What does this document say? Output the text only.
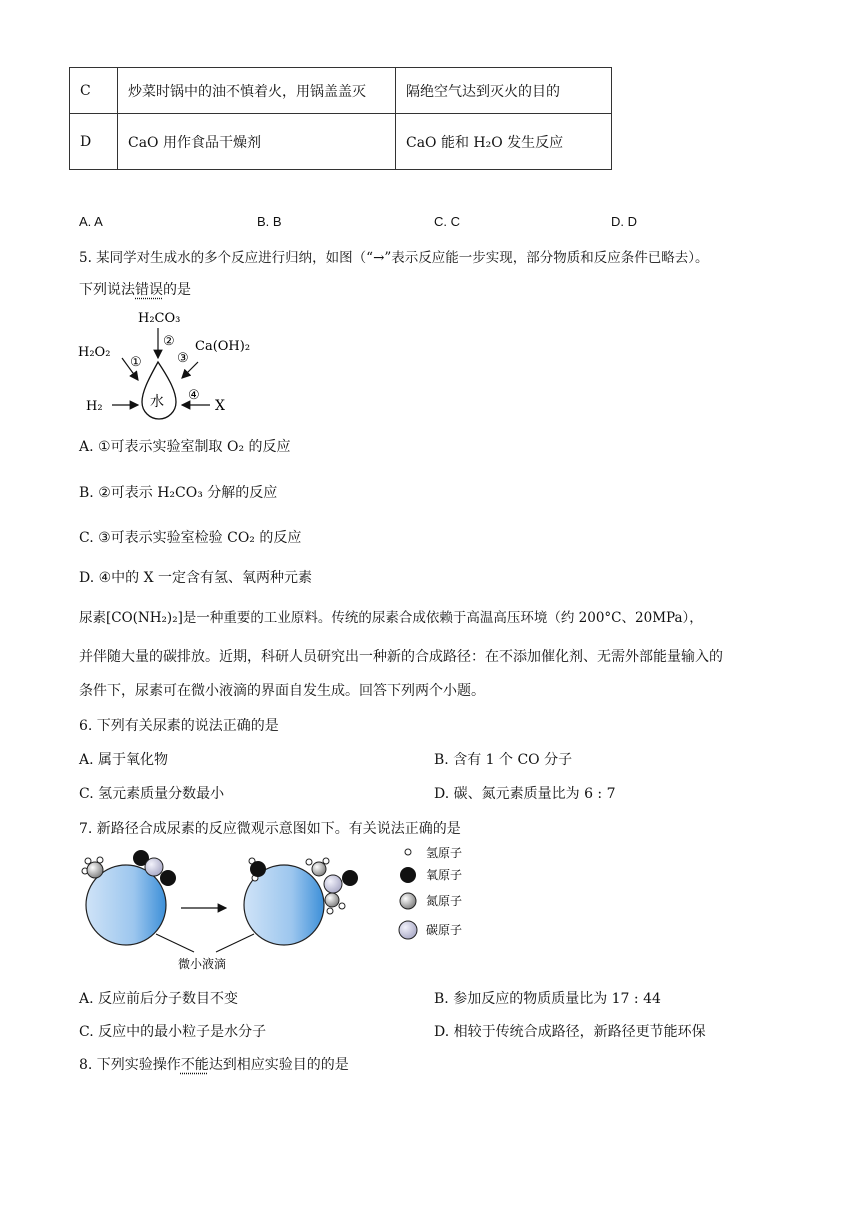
C	炒菜时锅中的油不慎着火，用锅盖盖灭	隔绝空气达到灭火的目的
D	CaO 用作食品干燥剂	CaO 能和 H₂O 发生反应
A. A	B. B	C. C	D. D
5. 某同学对生成水的多个反应进行归纳，如图（“→”表示反应能一步实现，部分物质和反应条件已略去）。
下列说法错误的是
H₂CO₃
②
H₂O₂
①
Ca(OH)₂
③
水
H₂
④
X
A. ①可表示实验室制取 O₂ 的反应
B. ②可表示 H₂CO₃ 分解的反应
C. ③可表示实验室检验 CO₂ 的反应
D. ④中的 X 一定含有氢、氧两种元素
尿素[CO(NH₂)₂]是一种重要的工业原料。传统的尿素合成依赖于高温高压环境（约 200°C、20MPa），
并伴随大量的碳排放。近期，科研人员研究出一种新的合成路径：在不添加催化剂、无需外部能量输入的
条件下，尿素可在微小液滴的界面自发生成。回答下列两个小题。
6. 下列有关尿素的说法正确的是
A. 属于氧化物	B. 含有 1 个 CO 分子
C. 氢元素质量分数最小	D. 碳、氮元素质量比为 6 : 7
7. 新路径合成尿素的反应微观示意图如下。有关说法正确的是
微小液滴
氢原子
氧原子
氮原子
碳原子
A. 反应前后分子数目不变	B. 参加反应的物质质量比为 17 : 44
C. 反应中的最小粒子是水分子	D. 相较于传统合成路径，新路径更节能环保
8. 下列实验操作不能达到相应实验目的的是
